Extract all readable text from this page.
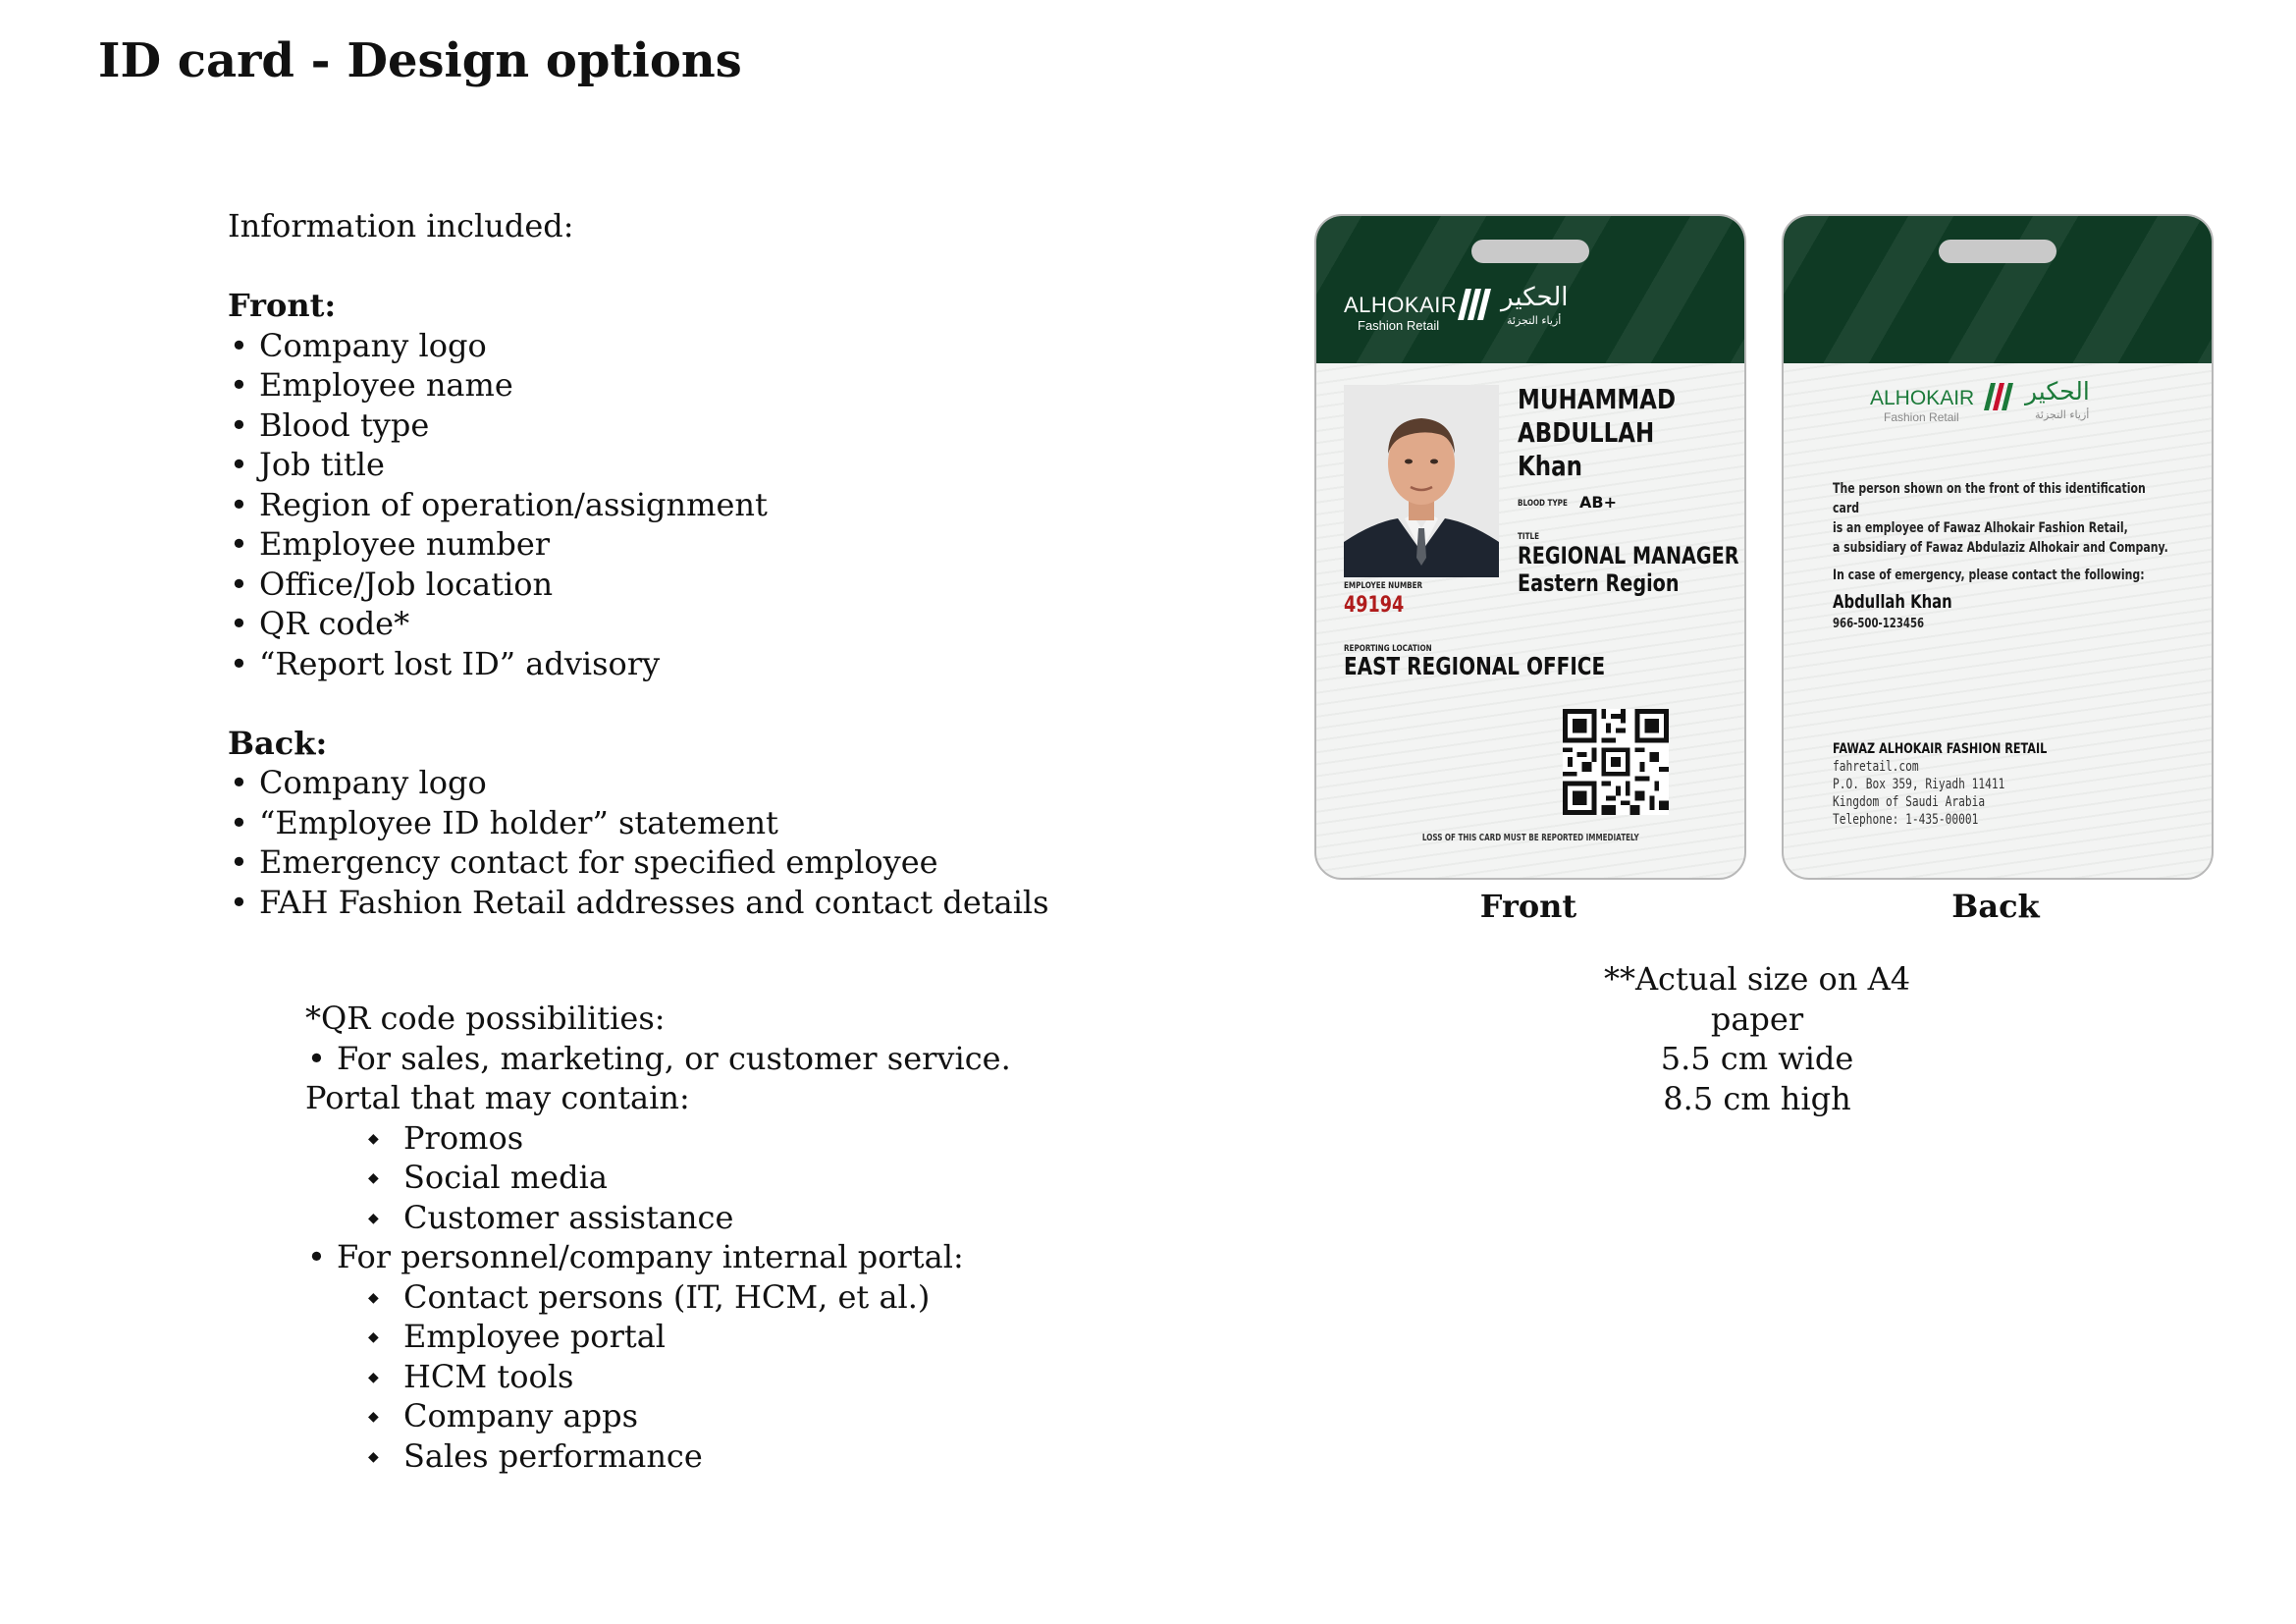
ID card - Design options

Information included:

Front:

• Company logo
• Employee name
• Blood type
• Job title
• Region of operation/assignment
• Employee number
• Office/Job location
• QR code*
• “Report lost ID” advisory

Back:

• Company logo
• “Employee ID holder” statement
• Emergency contact for specified employee
• FAH Fashion Retail addresses and contact details

*QR code possibilities:

• For sales, marketing, or customer service. Portal that may contain:
◆ Promos
◆ Social media
◆ Customer assistance
• For personnel/company internal portal:
◆ Contact persons (IT, HCM, et al.)
◆ Employee portal
◆ HCM tools
◆ Company apps
◆ Sales performance
ALHOKAIR
Fashion Retail
الحكير
أزياء التجزئة
MUHAMMAD
ABDULLAH
Khan
BLOOD TYPE AB+
TITLE
REGIONAL MANAGER
Eastern Region
EMPLOYEE NUMBER
49194
REPORTING LOCATION
EAST REGIONAL OFFICE
LOSS OF THIS CARD MUST BE REPORTED IMMEDIATELY
ALHOKAIR
Fashion Retail
الحكير
أزياء التجزئة
The person shown on the front of this identification card
is an employee of Fawaz Alhokair Fashion Retail,
a subsidiary of Fawaz Abdulaziz Alhokair and Company.
In case of emergency, please contact the following:
Abdullah Khan
966-500-123456
FAWAZ ALHOKAIR FASHION RETAIL
fahretail.com
P.O. Box 359, Riyadh 11411
Kingdom of Saudi Arabia
Telephone: 1-435-00001
Front	Back

**Actual size on A4 paper

5.5 cm wide

8.5 cm high
